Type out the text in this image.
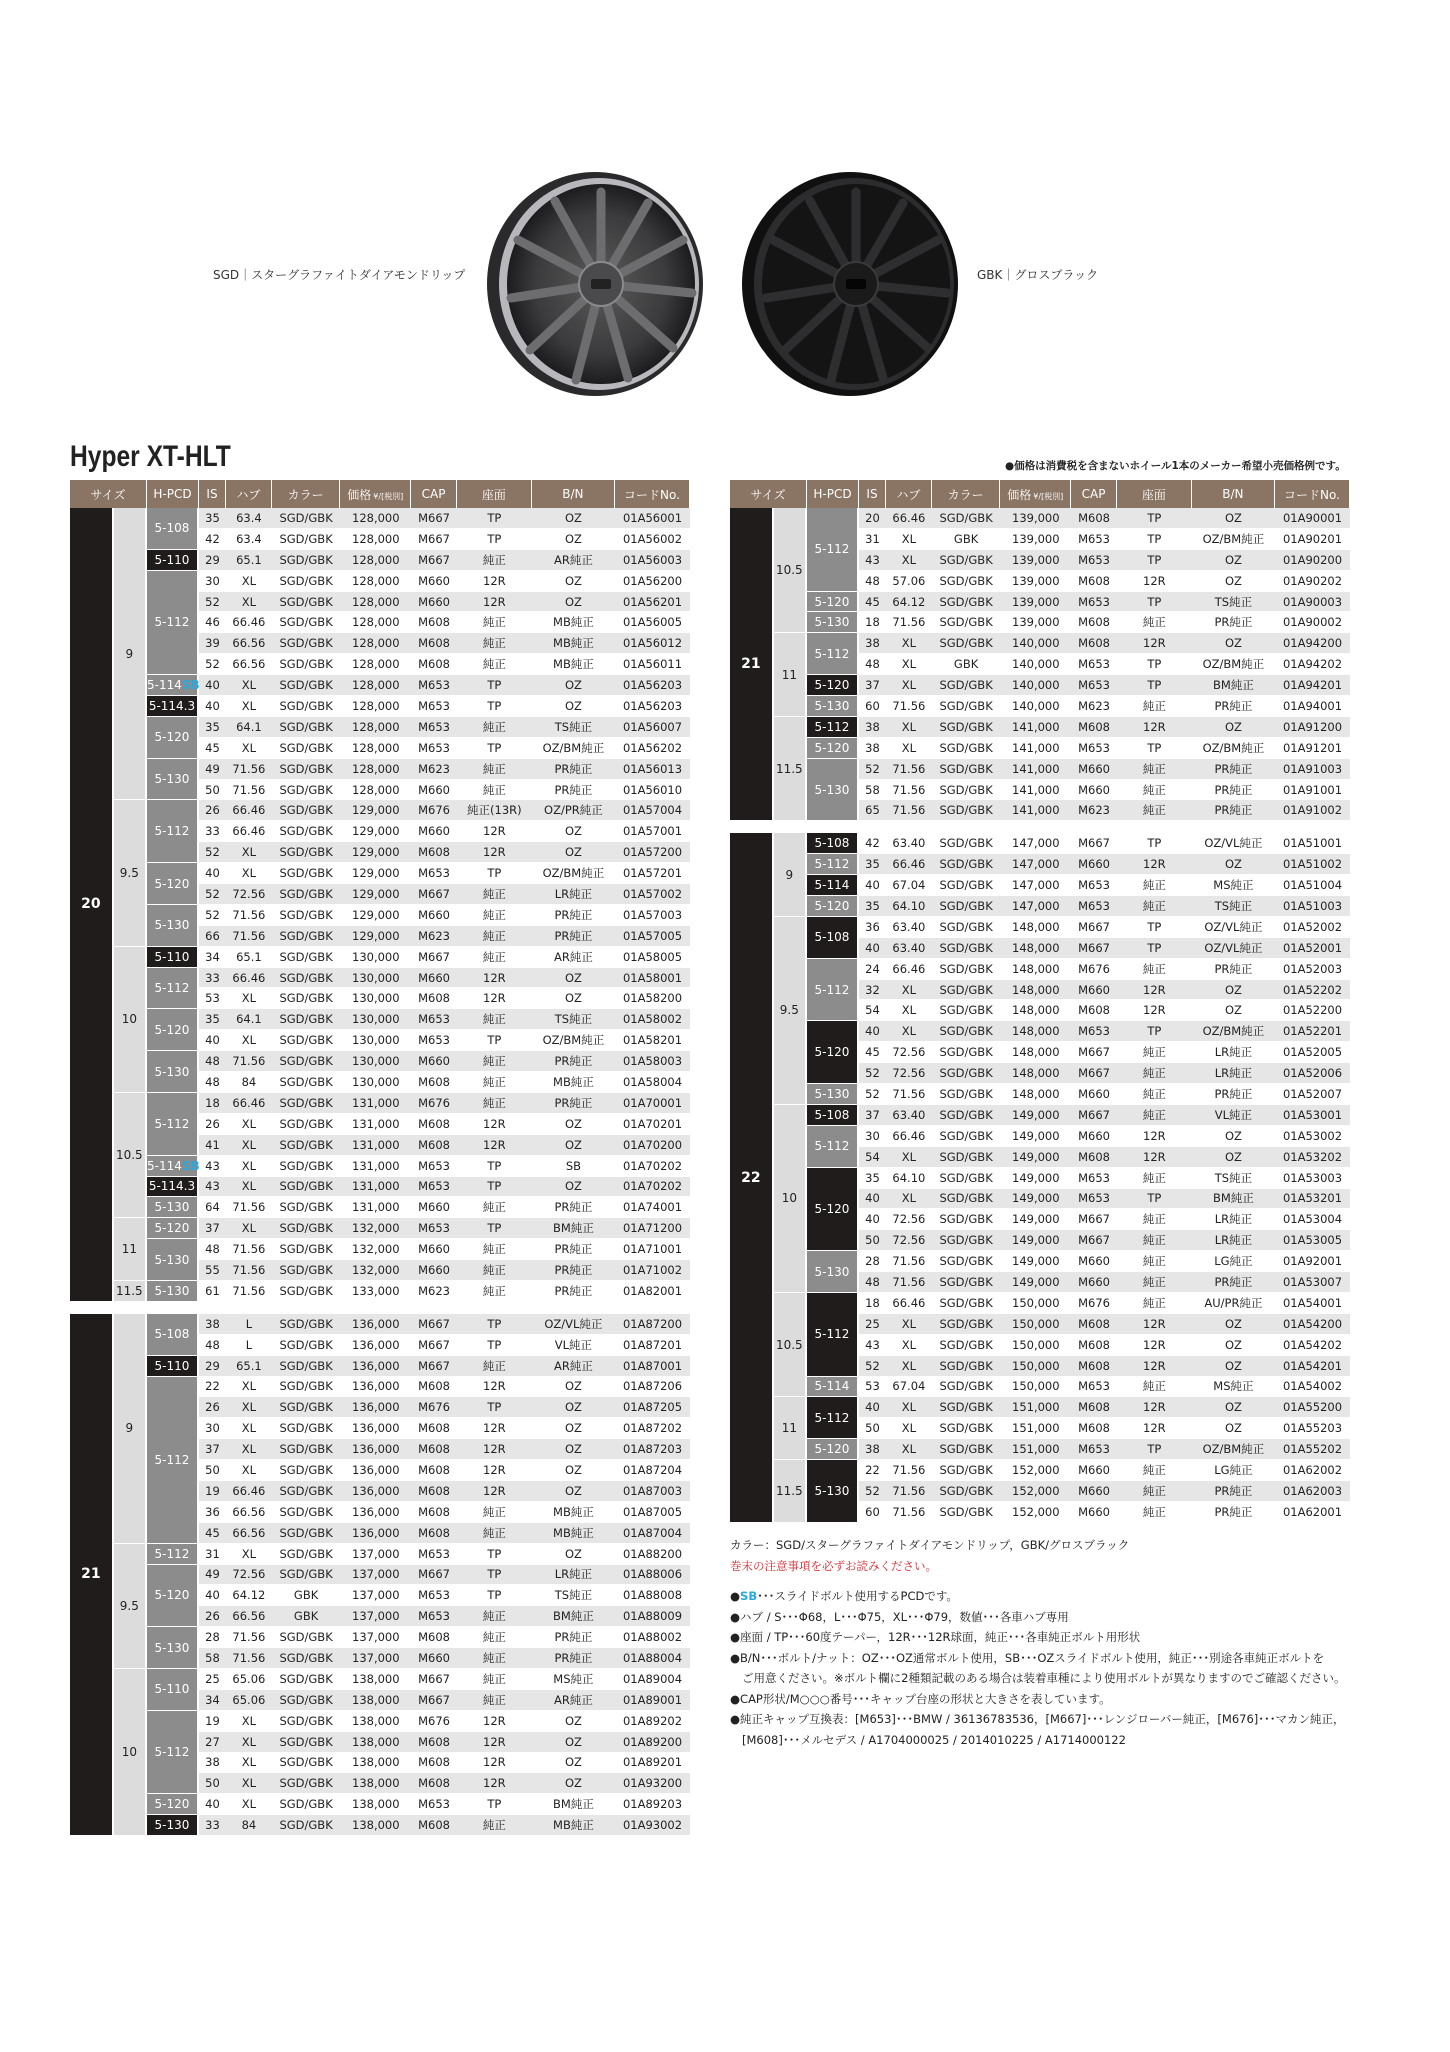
SGD｜スターグラファイトダイアモンドリップ	GBK｜グロスブラック
Hyper XT-HLT	●価格は消費税を含まないホイール1本のメーカー希望小売価格例です。
サイズ		H-PCD	IS	ハブ	カラー	価格 ¥/[税別]	CAP	座面	B/N	コードNo.
20	9	5-108	35	63.4	SGD/GBK	128,000	M667	TP	OZ	01A56001
			42	63.4	SGD/GBK	128,000	M667	TP	OZ	01A56002
		5-110	29	65.1	SGD/GBK	128,000	M667	純正	AR純正	01A56003
		5-112	30	XL	SGD/GBK	128,000	M660	12R	OZ	01A56200
			52	XL	SGD/GBK	128,000	M660	12R	OZ	01A56201
			46	66.46	SGD/GBK	128,000	M608	純正	MB純正	01A56005
			39	66.56	SGD/GBK	128,000	M608	純正	MB純正	01A56012
			52	66.56	SGD/GBK	128,000	M608	純正	MB純正	01A56011
		5-114SB	40	XL	SGD/GBK	128,000	M653	TP	OZ	01A56203
		5-114.3	40	XL	SGD/GBK	128,000	M653	TP	OZ	01A56203
		5-120	35	64.1	SGD/GBK	128,000	M653	純正	TS純正	01A56007
			45	XL	SGD/GBK	128,000	M653	TP	OZ/BM純正	01A56202
		5-130	49	71.56	SGD/GBK	128,000	M623	純正	PR純正	01A56013
			50	71.56	SGD/GBK	128,000	M660	純正	PR純正	01A56010
	9.5	5-112	26	66.46	SGD/GBK	129,000	M676	純正(13R)	OZ/PR純正	01A57004
			33	66.46	SGD/GBK	129,000	M660	12R	OZ	01A57001
			52	XL	SGD/GBK	129,000	M608	12R	OZ	01A57200
		5-120	40	XL	SGD/GBK	129,000	M653	TP	OZ/BM純正	01A57201
			52	72.56	SGD/GBK	129,000	M667	純正	LR純正	01A57002
		5-130	52	71.56	SGD/GBK	129,000	M660	純正	PR純正	01A57003
			66	71.56	SGD/GBK	129,000	M623	純正	PR純正	01A57005
	10	5-110	34	65.1	SGD/GBK	130,000	M667	純正	AR純正	01A58005
		5-112	33	66.46	SGD/GBK	130,000	M660	12R	OZ	01A58001
			53	XL	SGD/GBK	130,000	M608	12R	OZ	01A58200
		5-120	35	64.1	SGD/GBK	130,000	M653	純正	TS純正	01A58002
			40	XL	SGD/GBK	130,000	M653	TP	OZ/BM純正	01A58201
		5-130	48	71.56	SGD/GBK	130,000	M660	純正	PR純正	01A58003
			48	84	SGD/GBK	130,000	M608	純正	MB純正	01A58004
	10.5	5-112	18	66.46	SGD/GBK	131,000	M676	純正	PR純正	01A70001
			26	XL	SGD/GBK	131,000	M608	12R	OZ	01A70201
			41	XL	SGD/GBK	131,000	M608	12R	OZ	01A70200
		5-114SB	43	XL	SGD/GBK	131,000	M653	TP	SB	01A70202
		5-114.3	43	XL	SGD/GBK	131,000	M653	TP	OZ	01A70202
		5-130	64	71.56	SGD/GBK	131,000	M660	純正	PR純正	01A74001
	11	5-120	37	XL	SGD/GBK	132,000	M653	TP	BM純正	01A71200
		5-130	48	71.56	SGD/GBK	132,000	M660	純正	PR純正	01A71001
			55	71.56	SGD/GBK	132,000	M660	純正	PR純正	01A71002
	11.5	5-130	61	71.56	SGD/GBK	133,000	M623	純正	PR純正	01A82001

21	9	5-108	38	L	SGD/GBK	136,000	M667	TP	OZ/VL純正	01A87200
			48	L	SGD/GBK	136,000	M667	TP	VL純正	01A87201
		5-110	29	65.1	SGD/GBK	136,000	M667	純正	AR純正	01A87001
		5-112	22	XL	SGD/GBK	136,000	M608	12R	OZ	01A87206
			26	XL	SGD/GBK	136,000	M676	TP	OZ	01A87205
			30	XL	SGD/GBK	136,000	M608	12R	OZ	01A87202
			37	XL	SGD/GBK	136,000	M608	12R	OZ	01A87203
			50	XL	SGD/GBK	136,000	M608	12R	OZ	01A87204
			19	66.46	SGD/GBK	136,000	M608	12R	OZ	01A87003
			36	66.56	SGD/GBK	136,000	M608	純正	MB純正	01A87005
			45	66.56	SGD/GBK	136,000	M608	純正	MB純正	01A87004
	9.5	5-112	31	XL	SGD/GBK	137,000	M653	TP	OZ	01A88200
		5-120	49	72.56	SGD/GBK	137,000	M667	TP	LR純正	01A88006
			40	64.12	GBK	137,000	M653	TP	TS純正	01A88008
			26	66.56	GBK	137,000	M653	純正	BM純正	01A88009
		5-130	28	71.56	SGD/GBK	137,000	M608	純正	PR純正	01A88002
			58	71.56	SGD/GBK	137,000	M660	純正	PR純正	01A88004
	10	5-110	25	65.06	SGD/GBK	138,000	M667	純正	MS純正	01A89004
			34	65.06	SGD/GBK	138,000	M667	純正	AR純正	01A89001
		5-112	19	XL	SGD/GBK	138,000	M676	12R	OZ	01A89202
			27	XL	SGD/GBK	138,000	M608	12R	OZ	01A89200
			38	XL	SGD/GBK	138,000	M608	12R	OZ	01A89201
			50	XL	SGD/GBK	138,000	M608	12R	OZ	01A93200
		5-120	40	XL	SGD/GBK	138,000	M653	TP	BM純正	01A89203
		5-130	33	84	SGD/GBK	138,000	M608	純正	MB純正	01A93002
サイズ		H-PCD	IS	ハブ	カラー	価格 ¥/[税別]	CAP	座面	B/N	コードNo.
21	10.5	5-112	20	66.46	SGD/GBK	139,000	M608	TP	OZ	01A90001
			31	XL	GBK	139,000	M653	TP	OZ/BM純正	01A90201
			43	XL	SGD/GBK	139,000	M653	TP	OZ	01A90200
			48	57.06	SGD/GBK	139,000	M608	12R	OZ	01A90202
		5-120	45	64.12	SGD/GBK	139,000	M653	TP	TS純正	01A90003
		5-130	18	71.56	SGD/GBK	139,000	M608	純正	PR純正	01A90002
	11	5-112	38	XL	SGD/GBK	140,000	M608	12R	OZ	01A94200
			48	XL	GBK	140,000	M653	TP	OZ/BM純正	01A94202
		5-120	37	XL	SGD/GBK	140,000	M653	TP	BM純正	01A94201
		5-130	60	71.56	SGD/GBK	140,000	M623	純正	PR純正	01A94001
	11.5	5-112	38	XL	SGD/GBK	141,000	M608	12R	OZ	01A91200
		5-120	38	XL	SGD/GBK	141,000	M653	TP	OZ/BM純正	01A91201
		5-130	52	71.56	SGD/GBK	141,000	M660	純正	PR純正	01A91003
			58	71.56	SGD/GBK	141,000	M660	純正	PR純正	01A91001
			65	71.56	SGD/GBK	141,000	M623	純正	PR純正	01A91002

22	9	5-108	42	63.40	SGD/GBK	147,000	M667	TP	OZ/VL純正	01A51001
		5-112	35	66.46	SGD/GBK	147,000	M660	12R	OZ	01A51002
		5-114	40	67.04	SGD/GBK	147,000	M653	純正	MS純正	01A51004
		5-120	35	64.10	SGD/GBK	147,000	M653	純正	TS純正	01A51003
	9.5	5-108	36	63.40	SGD/GBK	148,000	M667	TP	OZ/VL純正	01A52002
			40	63.40	SGD/GBK	148,000	M667	TP	OZ/VL純正	01A52001
		5-112	24	66.46	SGD/GBK	148,000	M676	純正	PR純正	01A52003
			32	XL	SGD/GBK	148,000	M660	12R	OZ	01A52202
			54	XL	SGD/GBK	148,000	M608	12R	OZ	01A52200
		5-120	40	XL	SGD/GBK	148,000	M653	TP	OZ/BM純正	01A52201
			45	72.56	SGD/GBK	148,000	M667	純正	LR純正	01A52005
			52	72.56	SGD/GBK	148,000	M667	純正	LR純正	01A52006
		5-130	52	71.56	SGD/GBK	148,000	M660	純正	PR純正	01A52007
	10	5-108	37	63.40	SGD/GBK	149,000	M667	純正	VL純正	01A53001
		5-112	30	66.46	SGD/GBK	149,000	M660	12R	OZ	01A53002
			54	XL	SGD/GBK	149,000	M608	12R	OZ	01A53202
		5-120	35	64.10	SGD/GBK	149,000	M653	純正	TS純正	01A53003
			40	XL	SGD/GBK	149,000	M653	TP	BM純正	01A53201
			40	72.56	SGD/GBK	149,000	M667	純正	LR純正	01A53004
			50	72.56	SGD/GBK	149,000	M667	純正	LR純正	01A53005
		5-130	28	71.56	SGD/GBK	149,000	M660	純正	LG純正	01A92001
			48	71.56	SGD/GBK	149,000	M660	純正	PR純正	01A53007
	10.5	5-112	18	66.46	SGD/GBK	150,000	M676	純正	AU/PR純正	01A54001
			25	XL	SGD/GBK	150,000	M608	12R	OZ	01A54200
			43	XL	SGD/GBK	150,000	M608	12R	OZ	01A54202
			52	XL	SGD/GBK	150,000	M608	12R	OZ	01A54201
		5-114	53	67.04	SGD/GBK	150,000	M653	純正	MS純正	01A54002
	11	5-112	40	XL	SGD/GBK	151,000	M608	12R	OZ	01A55200
			50	XL	SGD/GBK	151,000	M608	12R	OZ	01A55203
		5-120	38	XL	SGD/GBK	151,000	M653	TP	OZ/BM純正	01A55202
	11.5	5-130	22	71.56	SGD/GBK	152,000	M660	純正	LG純正	01A62002
			52	71.56	SGD/GBK	152,000	M660	純正	PR純正	01A62003
			60	71.56	SGD/GBK	152,000	M660	純正	PR純正	01A62001
カラー：SGD/スターグラファイトダイアモンドリップ，GBK/グロスブラック
巻末の注意事項を必ずお読みください。
●SB･･･スライドボルト使用するPCDです。
●ハブ / S･･･Φ68，L･･･Φ75，XL･･･Φ79，数値･･･各車ハブ専用
●座面 / TP･･･60度テーパー，12R･･･12R球面，純正･･･各車純正ボルト用形状
●B/N･･･ボルト/ナット：OZ･･･OZ通常ボルト使用，SB･･･OZスライドボルト使用，純正･･･別途各車純正ボルトを
ご用意ください。※ボルト欄に2種類記載のある場合は装着車種により使用ボルトが異なりますのでご確認ください。
●CAP形状/M○○○番号･･･キャップ台座の形状と大きさを表しています。
●純正キャップ互換表：[M653]･･･BMW / 36136783536，[M667]･･･レンジローバー純正，[M676]･･･マカン純正，
[M608]･･･メルセデス / A1704000025 / 2014010225 / A1714000122
